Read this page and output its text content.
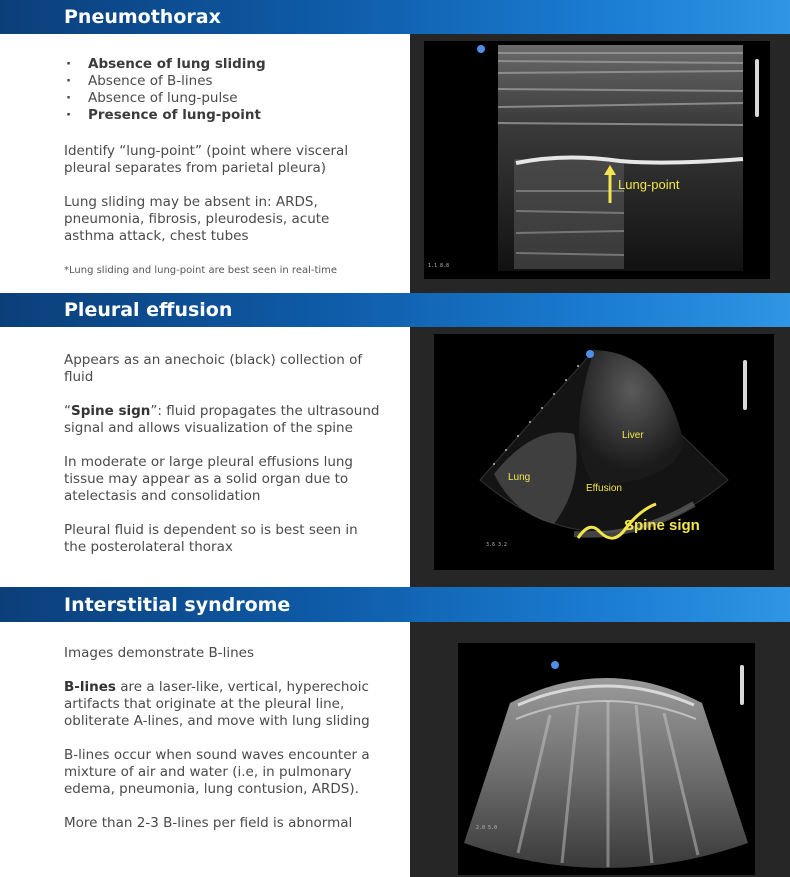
Pneumothorax
· Absence of lung sliding
· Absence of B-lines
· Absence of lung-pulse
· Presence of lung-point

Identify “lung-point” (point where visceral pleural separates from parietal pleura)

Lung sliding may be absent in: ARDS, pneumonia, fibrosis, pleurodesis, acute asthma attack, chest tubes

*Lung sliding and lung-point are best seen in real-time

Lung-point
1.1 8.8
Pleural effusion

Appears as an anechoic (black) collection of fluid

“Spine sign”: fluid propagates the ultrasound signal and allows visualization of the spine

In moderate or large pleural effusions lung tissue may appear as a solid organ due to atelectasis and consolidation

Pleural fluid is dependent so is best seen in the posterolateral thorax

Liver
Lung
Effusion
Spine sign
3.6 3.2
Interstitial syndrome

Images demonstrate B-lines

B-lines are a laser-like, vertical, hyperechoic artifacts that originate at the pleural line, obliterate A-lines, and move with lung sliding

B-lines occur when sound waves encounter a mixture of air and water (i.e, in pulmonary edema, pneumonia, lung contusion, ARDS).

More than 2-3 B-lines per field is abnormal	2.0 5.0
